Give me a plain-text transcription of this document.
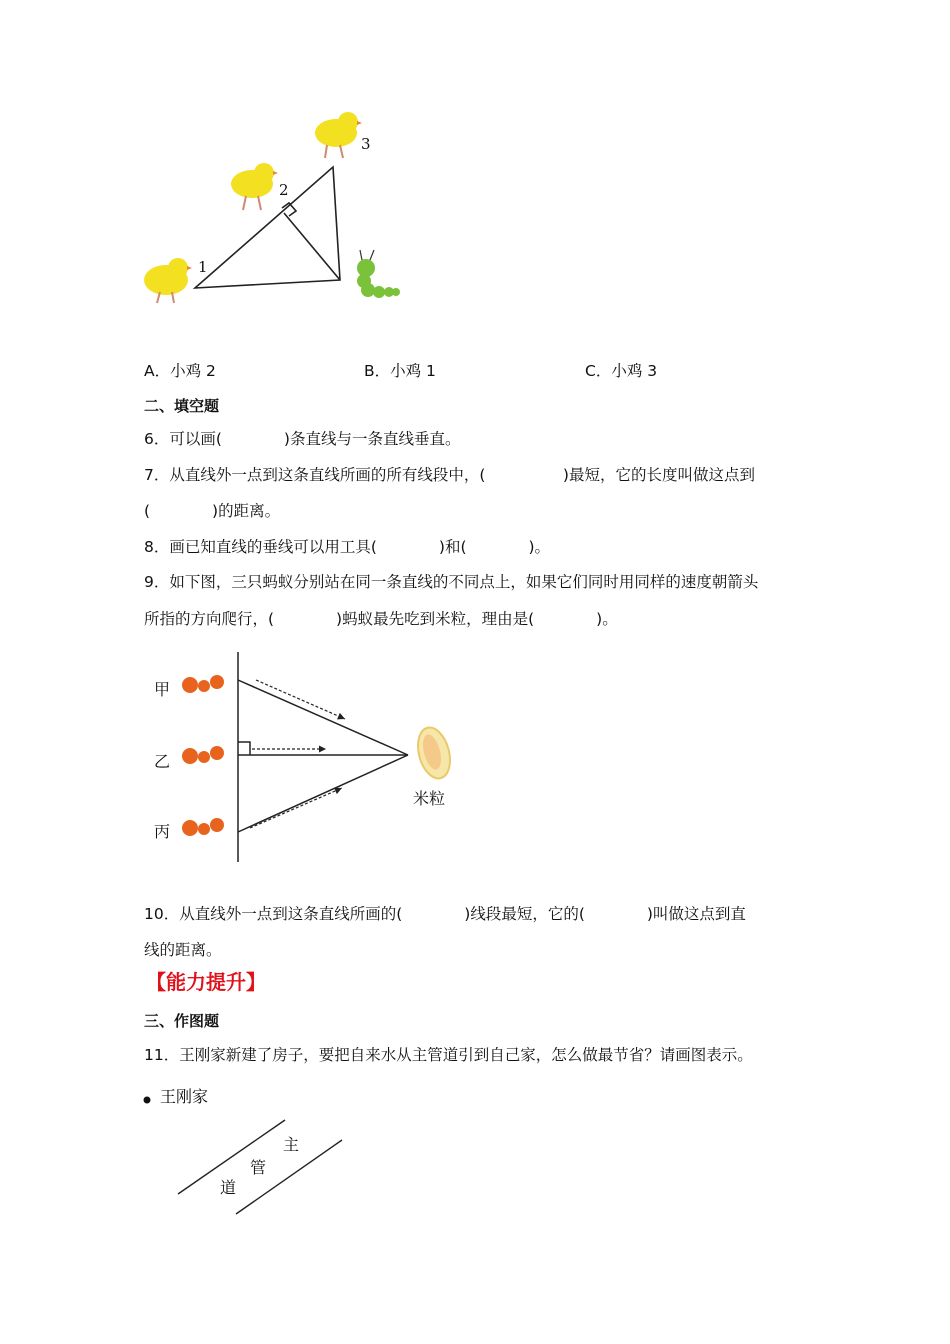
1
2
3
A．小鸡 2	B．小鸡 1	C．小鸡 3
二、填空题
6．可以画(　　　　)条直线与一条直线垂直。
7．从直线外一点到这条直线所画的所有线段中，(　　　　　)最短，它的长度叫做这点到
(　　　　)的距离。
8．画已知直线的垂线可以用工具(　　　　)和(　　　　)。
9．如下图，三只蚂蚁分别站在同一条直线的不同点上，如果它们同时用同样的速度朝箭头
所指的方向爬行，(　　　　)蚂蚁最先吃到米粒，理由是(　　　　)。
甲
乙
丙
米粒
10．从直线外一点到这条直线所画的(　　　　)线段最短，它的(　　　　)叫做这点到直
线的距离。
【能力提升】
三、作图题
11．王刚家新建了房子，要把自来水从主管道引到自己家，怎么做最节省？请画图表示。
王刚家
主
管
道
